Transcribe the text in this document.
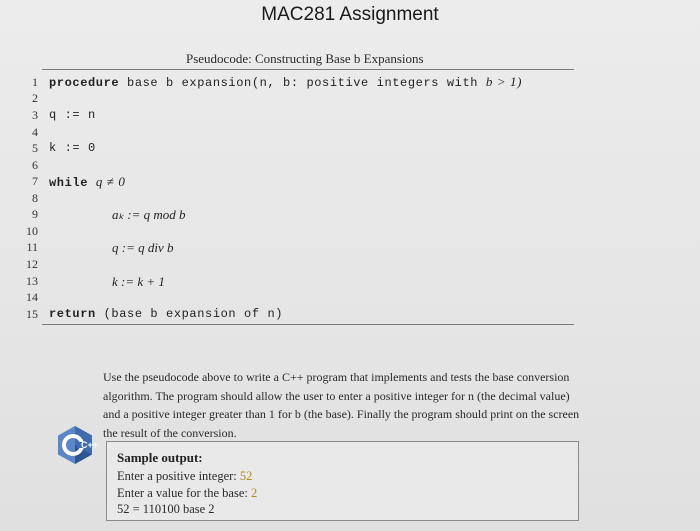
MAC281 Assignment
Pseudocode: Constructing Base b Expansions
1
2
3
4
5
6
7
8
9
10
11
12
13
14
15
procedure base b expansion(n, b: positive integers with b > 1)
q := n
k := 0
while q ≠ 0
aₖ := q mod b
q := q div b
k := k + 1
return (base b expansion of n)
Use the pseudocode above to write a C++ program that implements and tests the base conversion algorithm. The program should allow the user to enter a positive integer for n (the decimal value) and a positive integer greater than 1 for b (the base). Finally the program should print on the screen the result of the conversion.
C++
Sample output:
Enter a positive integer: 52
Enter a value for the base: 2
52 = 110100 base 2
